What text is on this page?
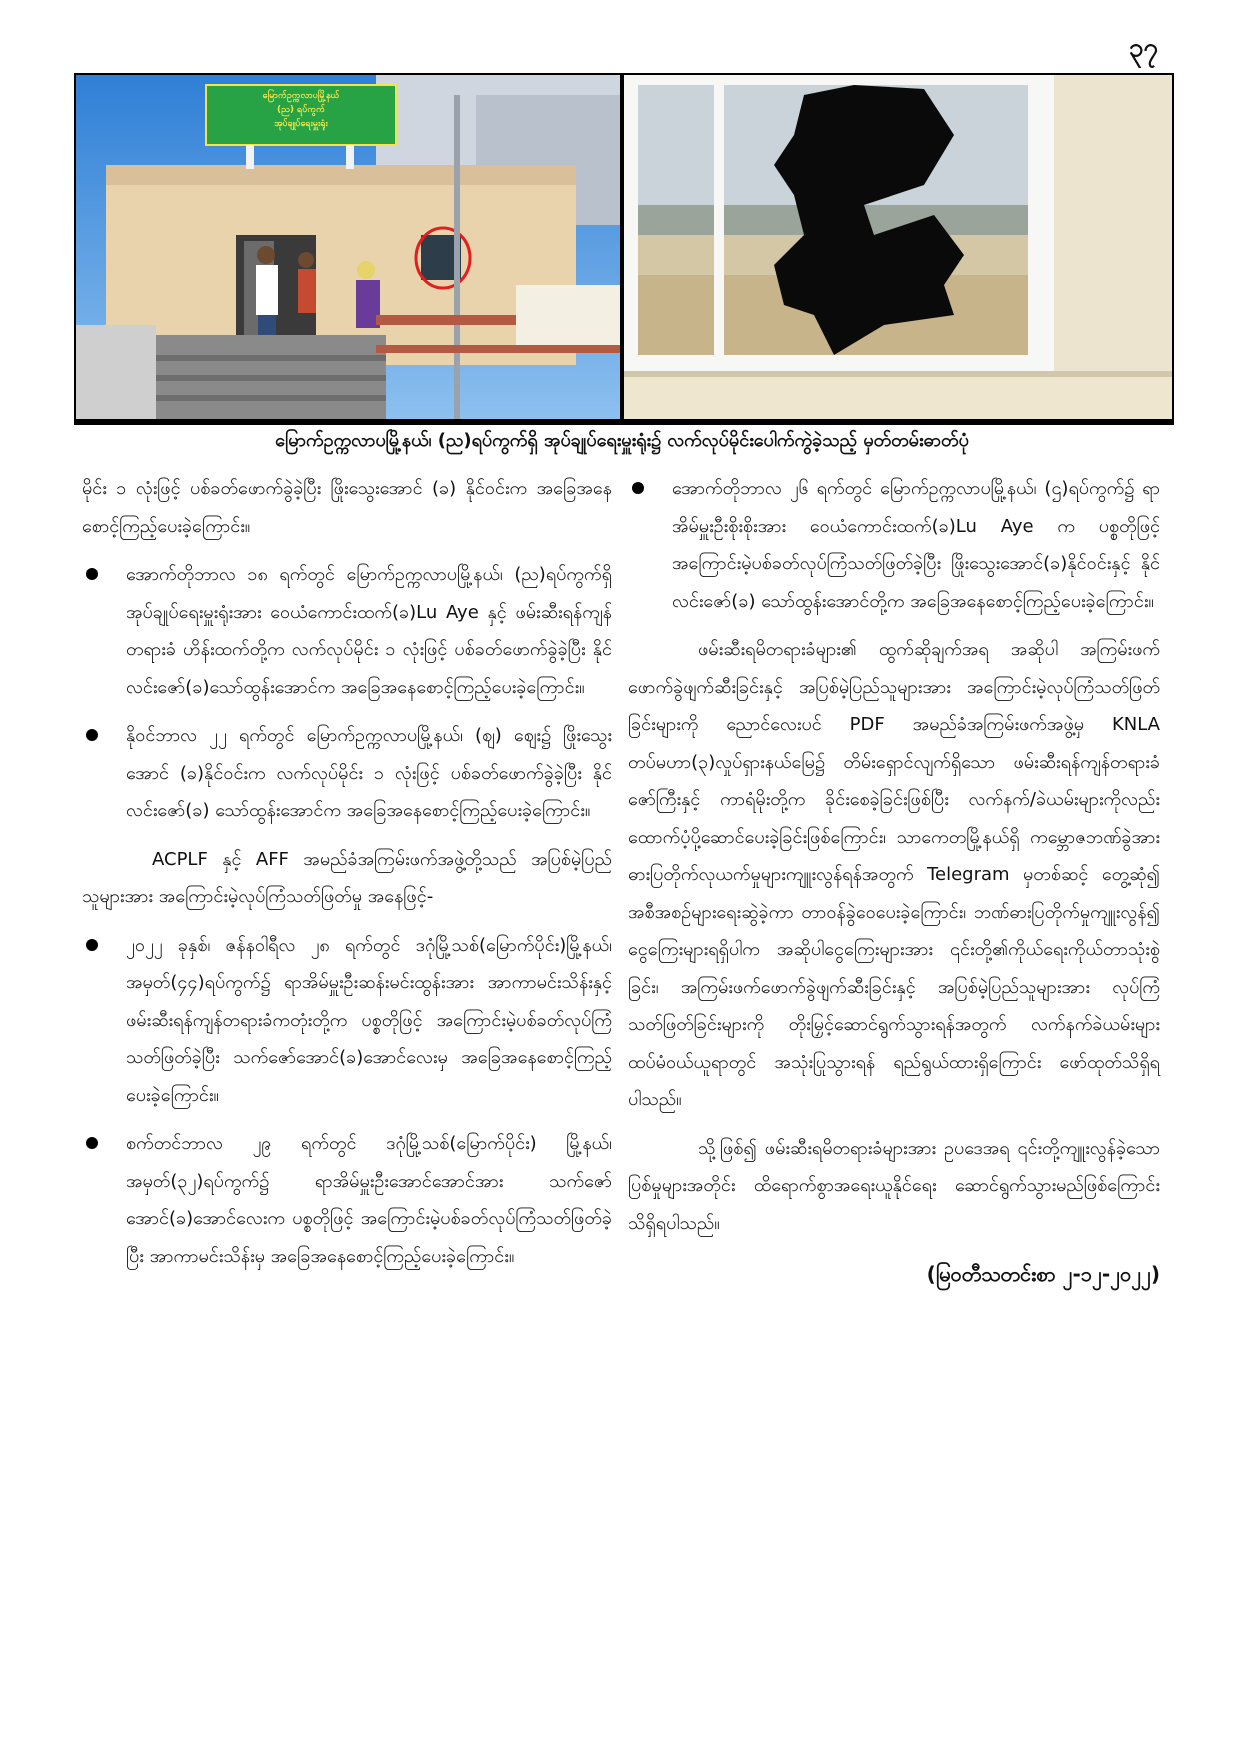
၃၇
မြောက်ဥက္ကလာပမြို့နယ်
(ည) ရပ်ကွက်
အုပ်ချုပ်ရေးမှူးရုံး
မြောက်ဥက္ကလာပမြို့နယ်၊ (ည)ရပ်ကွက်ရှိ အုပ်ချုပ်ရေးမှူးရုံး၌ လက်လုပ်မိုင်းပေါက်ကွဲခဲ့သည့် မှတ်တမ်းဓာတ်ပုံ

မိုင်း ၁ လုံးဖြင့် ပစ်ခတ်ဖောက်ခွဲခဲ့ပြီး ဖြိုးသွေးအောင် (ခ) နိုင်ဝင်းက အခြေအနေစောင့်ကြည့်ပေးခဲ့ကြောင်း။

အောက်တိုဘာလ ၁၈ ရက်တွင် မြောက်ဥက္ကလာပမြို့နယ်၊ (ည)ရပ်ကွက်ရှိ အုပ်ချုပ်ရေးမှူးရုံးအား ဝေယံကောင်းထက်(ခ)Lu Aye နှင့် ဖမ်းဆီးရန်ကျန် တရားခံ ဟိန်းထက်တို့က လက်လုပ်မိုင်း ၁ လုံးဖြင့် ပစ်ခတ်ဖောက်ခွဲခဲ့ပြီး နိုင်လင်းဇော်(ခ)သော်ထွန်းအောင်က အခြေအနေစောင့်ကြည့်ပေးခဲ့ကြောင်း။
နိုဝင်ဘာလ ၂၂ ရက်တွင် မြောက်ဥက္ကလာပမြို့နယ်၊ (ဈ) ဈေး၌ ဖြိုးသွေးအောင် (ခ)နိုင်ဝင်းက လက်လုပ်မိုင်း ၁ လုံးဖြင့် ပစ်ခတ်ဖောက်ခွဲခဲ့ပြီး နိုင်လင်းဇော်(ခ) သော်ထွန်းအောင်က အခြေအနေစောင့်ကြည့်ပေးခဲ့ကြောင်း။

ACPLF နှင့် AFF အမည်ခံအကြမ်းဖက်အဖွဲ့တို့သည် အပြစ်မဲ့ပြည်သူများအား အကြောင်းမဲ့လုပ်ကြံသတ်ဖြတ်မှု အနေဖြင့်-

၂၀၂၂ ခုနှစ်၊ ဇန်နဝါရီလ ၂၈ ရက်တွင် ဒဂုံမြို့သစ်(မြောက်ပိုင်း)မြို့နယ်၊ အမှတ်(၄၄)ရပ်ကွက်၌ ရာအိမ်မှူးဦးဆန်းမင်းထွန်းအား အာကာမင်းသိန်းနှင့် ဖမ်းဆီးရန်ကျန်တရားခံကတုံးတို့က ပစ္စတိုဖြင့် အကြောင်းမဲ့ပစ်ခတ်လုပ်ကြံသတ်ဖြတ်ခဲ့ပြီး သက်ဇော်အောင်(ခ)အောင်လေးမှ အခြေအနေစောင့်ကြည့်ပေးခဲ့ကြောင်း။
စက်တင်ဘာလ ၂၉ ရက်တွင် ဒဂုံမြို့သစ်(မြောက်ပိုင်း) မြို့နယ်၊ အမှတ်(၃၂)ရပ်ကွက်၌ ရာအိမ်မှူးဦးအောင်အောင်အား သက်ဇော်အောင်(ခ)အောင်လေးက ပစ္စတိုဖြင့် အကြောင်းမဲ့ပစ်ခတ်လုပ်ကြံသတ်ဖြတ်ခဲ့ပြီး အာကာမင်းသိန်းမှ အခြေအနေစောင့်ကြည့်ပေးခဲ့ကြောင်း။
အောက်တိုဘာလ ၂၆ ရက်တွင် မြောက်ဥက္ကလာပမြို့နယ်၊ (ဌ)ရပ်ကွက်၌ ရာအိမ်မှူးဦးစိုးစိုးအား ဝေယံကောင်းထက်(ခ)Lu Aye က ပစ္စတိုဖြင့် အကြောင်းမဲ့ပစ်ခတ်လုပ်ကြံသတ်ဖြတ်ခဲ့ပြီး ဖြိုးသွေးအောင်(ခ)နိုင်ဝင်းနှင့် နိုင်လင်းဇော်(ခ) သော်ထွန်းအောင်တို့က အခြေအနေစောင့်ကြည့်ပေးခဲ့ကြောင်း။

ဖမ်းဆီးရမိတရားခံများ၏ ထွက်ဆိုချက်အရ အဆိုပါ အကြမ်းဖက်ဖောက်ခွဲဖျက်ဆီးခြင်းနှင့် အပြစ်မဲ့ပြည်သူများအား အကြောင်းမဲ့လုပ်ကြံသတ်ဖြတ်ခြင်းများကို ညောင်လေးပင် PDF အမည်ခံအကြမ်းဖက်အဖွဲ့မှ KNLA တပ်မဟာ(၃)လှုပ်ရှားနယ်မြေ၌ တိမ်းရှောင်လျက်ရှိသော ဖမ်းဆီးရန်ကျန်တရားခံ ဇော်ကြီးနှင့် ကာရံမိုးတို့က ခိုင်းစေခဲ့ခြင်းဖြစ်ပြီး လက်နက်/ခဲယမ်းများကိုလည်း ထောက်ပံ့ပို့ဆောင်ပေးခဲ့ခြင်းဖြစ်ကြောင်း၊ သာကေတမြို့နယ်ရှိ ကမ္ဘောဇဘဏ်ခွဲအား ဓားပြတိုက်လုယက်မှုများကျူးလွန်ရန်အတွက် Telegram မှတစ်ဆင့် တွေ့ဆုံ၍ အစီအစဉ်များရေးဆွဲခဲ့ကာ တာဝန်ခွဲဝေပေးခဲ့ကြောင်း၊ ဘဏ်ဓားပြတိုက်မှုကျူးလွန်၍ ငွေကြေးများရရှိပါက အဆိုပါငွေကြေးများအား ၎င်းတို့၏ကိုယ်ရေးကိုယ်တာသုံးစွဲခြင်း၊ အကြမ်းဖက်ဖောက်ခွဲဖျက်ဆီးခြင်းနှင့် အပြစ်မဲ့ပြည်သူများအား လုပ်ကြံသတ်ဖြတ်ခြင်းများကို တိုးမြှင့်ဆောင်ရွက်သွားရန်အတွက် လက်နက်ခဲယမ်းများထပ်မံဝယ်ယူရာတွင် အသုံးပြုသွားရန် ရည်ရွယ်ထားရှိကြောင်း ဖော်ထုတ်သိရှိရပါသည်။

သို့ဖြစ်၍ ဖမ်းဆီးရမိတရားခံများအား ဥပဒေအရ ၎င်းတို့ကျူးလွန်ခဲ့သော ပြစ်မှုများအတိုင်း ထိရောက်စွာအရေးယူနိုင်ရေး ဆောင်ရွက်သွားမည်ဖြစ်ကြောင်း သိရှိရပါသည်။

(မြဝတီသတင်းစာ ၂-၁၂-၂၀၂၂)
